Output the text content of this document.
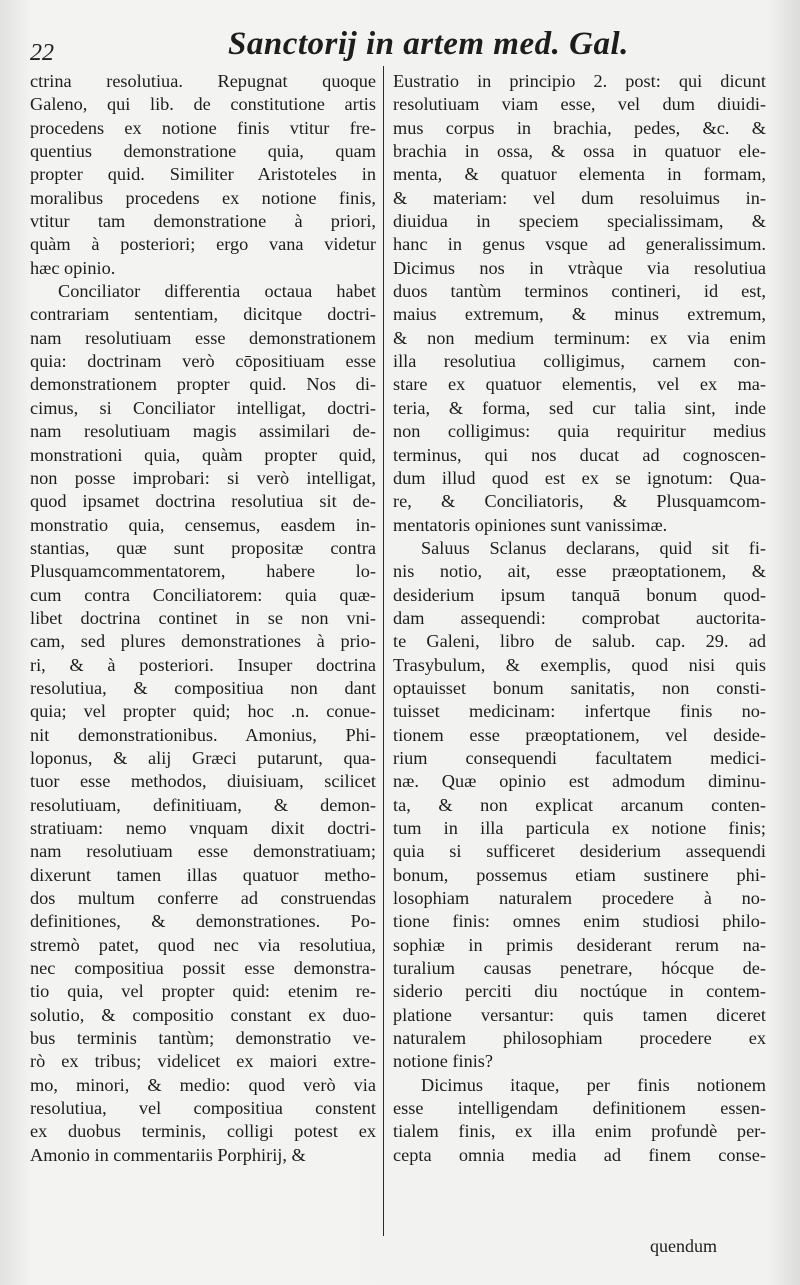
22	Sanctorij in artem med. Gal.
ctrina resolutiua. Repugnat quoque
Galeno, qui lib. de constitutione artis
procedens ex notione finis vtitur fre-
quentius demonstratione quia, quam
propter quid. Similiter Aristoteles in
moralibus procedens ex notione finis,
vtitur tam demonstratione à priori,
quàm à posteriori; ergo vana videtur
hæc opinio.
Conciliator differentia octaua habet
contrariam sententiam, dicitque doctri-
nam resolutiuam esse demonstrationem
quia: doctrinam verò cōpositiuam esse
demonstrationem propter quid. Nos di-
cimus, si Conciliator intelligat, doctri-
nam resolutiuam magis assimilari de-
monstrationi quia, quàm propter quid,
non posse improbari: si verò intelligat,
quod ipsamet doctrina resolutiua sit de-
monstratio quia, censemus, easdem in-
stantias, quæ sunt propositæ contra
Plusquamcommentatorem, habere lo-
cum contra Conciliatorem: quia quæ-
libet doctrina continet in se non vni-
cam, sed plures demonstrationes à prio-
ri, & à posteriori. Insuper doctrina
resolutiua, & compositiua non dant
quia; vel propter quid; hoc .n. conue-
nit demonstrationibus. Amonius, Phi-
loponus, & alij Græci putarunt, qua-
tuor esse methodos, diuisiuam, scilicet
resolutiuam, definitiuam, & demon-
stratiuam: nemo vnquam dixit doctri-
nam resolutiuam esse demonstratiuam;
dixerunt tamen illas quatuor metho-
dos multum conferre ad construendas
definitiones, & demonstrationes. Po-
stremò patet, quod nec via resolutiua,
nec compositiua possit esse demonstra-
tio quia, vel propter quid: etenim re-
solutio, & compositio constant ex duo-
bus terminis tantùm; demonstratio ve-
rò ex tribus; videlicet ex maiori extre-
mo, minori, & medio: quod verò via
resolutiua, vel compositiua constent
ex duobus terminis, colligi potest ex
Amonio in commentariis Porphirij, &
Eustratio in principio 2. post: qui dicunt
resolutiuam viam esse, vel dum diuidi-
mus corpus in brachia, pedes, &c. &
brachia in ossa, & ossa in quatuor ele-
menta, & quatuor elementa in formam,
& materiam: vel dum resoluimus in-
diuidua in speciem specialissimam, &
hanc in genus vsque ad generalissimum.
Dicimus nos in vtràque via resolutiua
duos tantùm terminos contineri, id est,
maius extremum, & minus extremum,
& non medium terminum: ex via enim
illa resolutiua colligimus, carnem con-
stare ex quatuor elementis, vel ex ma-
teria, & forma, sed cur talia sint, inde
non colligimus: quia requiritur medius
terminus, qui nos ducat ad cognoscen-
dum illud quod est ex se ignotum: Qua-
re, & Conciliatoris, & Plusquamcom-
mentatoris opiniones sunt vanissimæ.
Saluus Sclanus declarans, quid sit fi-
nis notio, ait, esse præoptationem, &
desiderium ipsum tanquā bonum quod-
dam assequendi: comprobat auctorita-
te Galeni, libro de salub. cap. 29. ad
Trasybulum, & exemplis, quod nisi quis
optauisset bonum sanitatis, non consti-
tuisset medicinam: infertque finis no-
tionem esse præoptationem, vel deside-
rium consequendi facultatem medici-
næ. Quæ opinio est admodum diminu-
ta, & non explicat arcanum conten-
tum in illa particula ex notione finis;
quia si sufficeret desiderium assequendi
bonum, possemus etiam sustinere phi-
losophiam naturalem procedere à no-
tione finis: omnes enim studiosi philo-
sophiæ in primis desiderant rerum na-
turalium causas penetrare, hócque de-
siderio perciti diu noctúque in contem-
platione versantur: quis tamen diceret
naturalem philosophiam procedere ex
notione finis?
Dicimus itaque, per finis notionem
esse intelligendam definitionem essen-
tialem finis, ex illa enim profundè per-
cepta omnia media ad finem conse-
quendum
